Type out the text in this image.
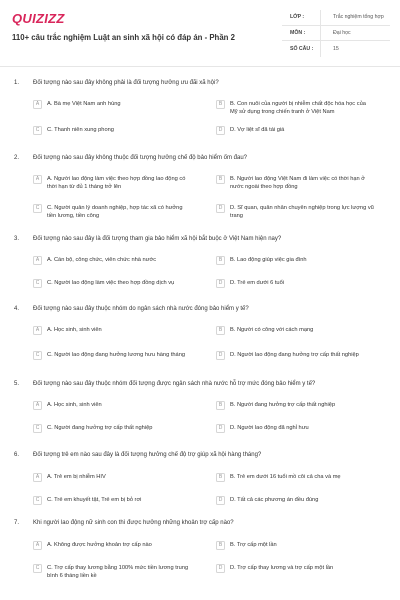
QUIZIZZ
110+ câu trắc nghiệm Luật an sinh xã hội có đáp án - Phần 2
LỚP :	Trắc nghiệm tổng hợp
MÔN :	Đại học
SỐ CÂU :	15
1. Đối tượng nào sau đây không phải là đối tượng hưởng ưu đãi xã hội?
A	A. Bà mẹ Việt Nam anh hùng	B	B. Con nuôi của người bị nhiễm chất độc hóa học của Mỹ sử dụng trong chiến tranh ở Việt Nam
C	C. Thanh niên xung phong	D	D. Vợ liệt sĩ đã tái giá
2. Đối tượng nào sau đây không thuộc đối tượng hưởng chế độ bảo hiểm ốm đau?
A	A. Người lao động làm việc theo hợp đồng lao động có thời hạn từ đủ 1 tháng trở lên
B	B. Người lao động Việt Nam đi làm việc có thời hạn ở nước ngoài theo hợp đồng
C	C. Người quản lý doanh nghiệp, hợp tác xã có hưởng tiền lương, tiền công
D	D. Sĩ quan, quân nhân chuyên nghiệp trong lực lượng vũ trang
3. Đối tượng nào sau đây là đối tượng tham gia bảo hiểm xã hội bắt buộc ở Việt Nam hiện nay?
A	A. Cán bộ, công chức, viên chức nhà nước	B	B. Lao động giúp việc gia đình
C	C. Người lao động làm việc theo hợp đồng dịch vụ	D	D. Trẻ em dưới 6 tuổi
4. Đối tượng nào sau đây thuộc nhóm do ngân sách nhà nước đóng bảo hiểm y tế?
A	A. Học sinh, sinh viên	B	B. Người có công với cách mạng
C	C. Người lao động đang hưởng lương hưu hàng tháng	D	D. Người lao động đang hưởng trợ cấp thất nghiệp
5. Đối tượng nào sau đây thuộc nhóm đối tượng được ngân sách nhà nước hỗ trợ mức đóng bảo hiểm y tế?
A	A. Học sinh, sinh viên	B	B. Người đang hưởng trợ cấp thất nghiệp
C	C. Người đang hưởng trợ cấp thất nghiệp	D	D. Người lao động đã nghỉ hưu
6. Đối tượng trẻ em nào sau đây là đối tượng hưởng chế độ trợ giúp xã hội hàng tháng?
A	A. Trẻ em bị nhiễm HIV	B	B. Trẻ em dưới 16 tuổi mồ côi cả cha và mẹ
C	C. Trẻ em khuyết tật, Trẻ em bị bỏ rơi	D	D. Tất cả các phương án đều đúng
7. Khi người lao động nữ sinh con thì được hưởng những khoản trợ cấp nào?
A	A. Không được hưởng khoản trợ cấp nào	B	B. Trợ cấp một lần
C	C. Trợ cấp thay lương bằng 100% mức tiền lương trung bình 6 tháng liền kề
D	D. Trợ cấp thay lương và trợ cấp một lần
